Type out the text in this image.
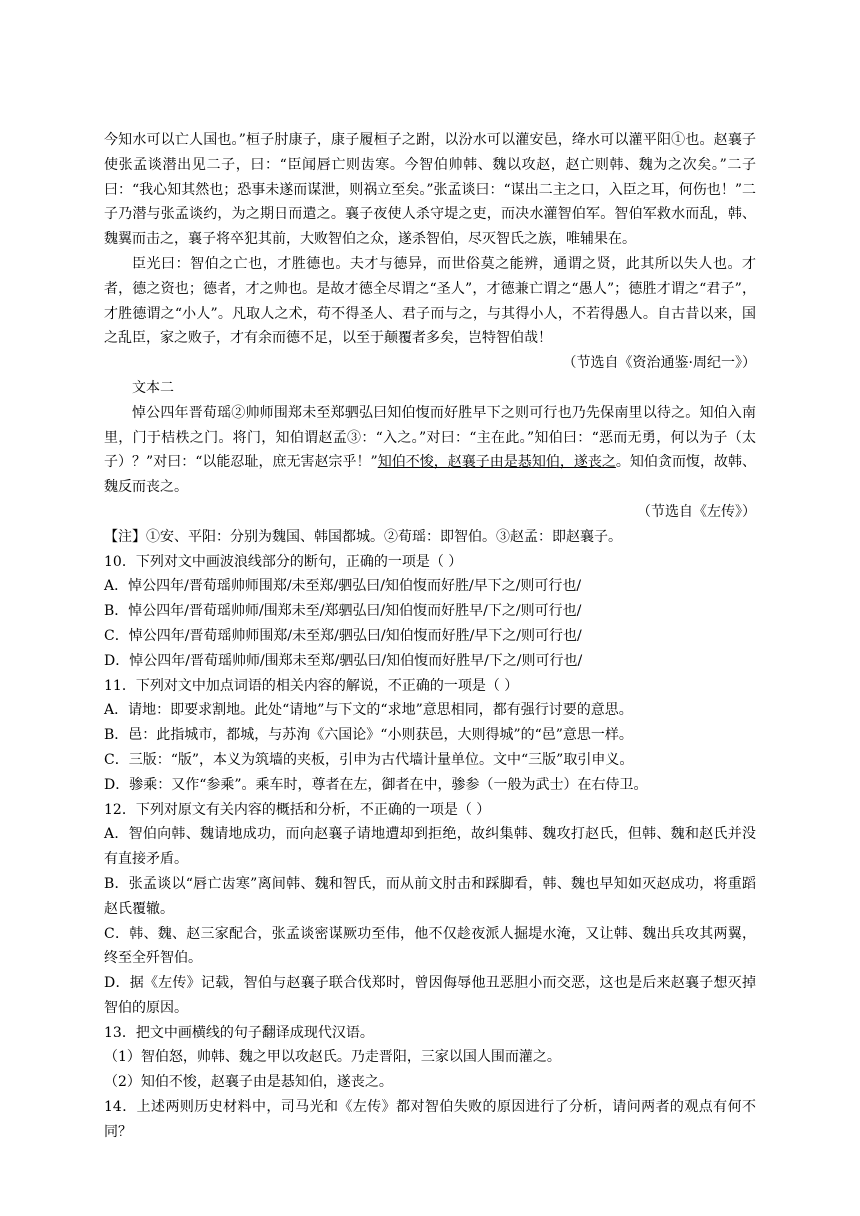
今知水可以亡人国也。”桓子肘康子，康子履桓子之跗，以汾水可以灌安邑，绛水可以灌平阳①也。赵襄子使张孟谈潜出见二子，曰：“臣闻唇亡则齿寒。今智伯帅韩、魏以攻赵，赵亡则韩、魏为之次矣。”二子曰：“我心知其然也；恐事未遂而谋泄，则祸立至矣。”张孟谈曰：“谋出二主之口，入臣之耳，何伤也！”二子乃潜与张孟谈约，为之期日而遣之。襄子夜使人杀守堤之吏，而决水灌智伯军。智伯军救水而乱，韩、魏翼而击之，襄子将卒犯其前，大败智伯之众，遂杀智伯，尽灭智氏之族，唯辅果在。

臣光曰：智伯之亡也，才胜德也。夫才与德异，而世俗莫之能辨，通谓之贤，此其所以失人也。才者，德之资也；德者，才之帅也。是故才德全尽谓之“圣人”，才德兼亡谓之“愚人”；德胜才谓之“君子”，才胜德谓之“小人”。凡取人之术，苟不得圣人、君子而与之，与其得小人，不若得愚人。自古昔以来，国之乱臣，家之败子，才有余而德不足，以至于颠覆者多矣，岂特智伯哉！

（节选自《资治通鉴·周纪一》）

文本二

悼公四年晋荀瑶②帅师围郑未至郑驷弘曰知伯愎而好胜早下之则可行也乃先保南里以待之。知伯入南里，门于桔柣之门。将门，知伯谓赵孟③：“入之。”对曰：“主在此。”知伯曰：“恶而无勇，何以为子（太子）？”对曰：“以能忍耻，庶无害赵宗乎！”知伯不悛，赵襄子由是惎知伯，遂丧之。知伯贪而愎，故韩、魏反而丧之。

（节选自《左传》）

【注】①安、平阳：分别为魏国、韩国都城。②荀瑶：即智伯。③赵孟：即赵襄子。

10．下列对文中画波浪线部分的断句，正确的一项是（ ）

A．悼公四年/晋荀瑶帅师围郑/未至郑/驷弘曰/知伯愎而好胜/早下之/则可行也/

B．悼公四年/晋荀瑶帅师/围郑未至/郑驷弘曰/知伯愎而好胜早/下之/则可行也/

C．悼公四年/晋荀瑶帅师围郑/未至郑/驷弘曰/知伯愎而好胜/早下之/则可行也/

D．悼公四年/晋荀瑶帅师/围郑未至郑/驷弘曰/知伯愎而好胜早/下之/则可行也/

11．下列对文中加点词语的相关内容的解说，不正确的一项是（ ）

A．请地：即要求割地。此处“请地”与下文的“求地”意思相同，都有强行讨要的意思。

B．邑：此指城市，都城，与苏洵《六国论》“小则获邑，大则得城”的“邑”意思一样。

C．三版：“版”，本义为筑墙的夹板，引申为古代墙计量单位。文中“三版”取引申义。

D．骖乘：又作“参乘”。乘车时，尊者在左，御者在中，骖参（一般为武士）在右侍卫。

12．下列对原文有关内容的概括和分析，不正确的一项是（ ）

A．智伯向韩、魏请地成功，而向赵襄子请地遭却到拒绝，故纠集韩、魏攻打赵氏，但韩、魏和赵氏并没有直接矛盾。

B．张孟谈以“唇亡齿寒”离间韩、魏和智氏，而从前文肘击和踩脚看，韩、魏也早知如灭赵成功，将重蹈赵氏覆辙。

C．韩、魏、赵三家配合，张孟谈密谋厥功至伟，他不仅趁夜派人掘堤水淹，又让韩、魏出兵攻其两翼，终至全歼智伯。

D．据《左传》记载，智伯与赵襄子联合伐郑时，曾因侮辱他丑恶胆小而交恶，这也是后来赵襄子想灭掉智伯的原因。

13．把文中画横线的句子翻译成现代汉语。

（1）智伯怒，帅韩、魏之甲以攻赵氏。乃走晋阳，三家以国人围而灌之。

（2）知伯不悛，赵襄子由是惎知伯，遂丧之。

14．上述两则历史材料中，司马光和《左传》都对智伯失败的原因进行了分析，请问两者的观点有何不同？
